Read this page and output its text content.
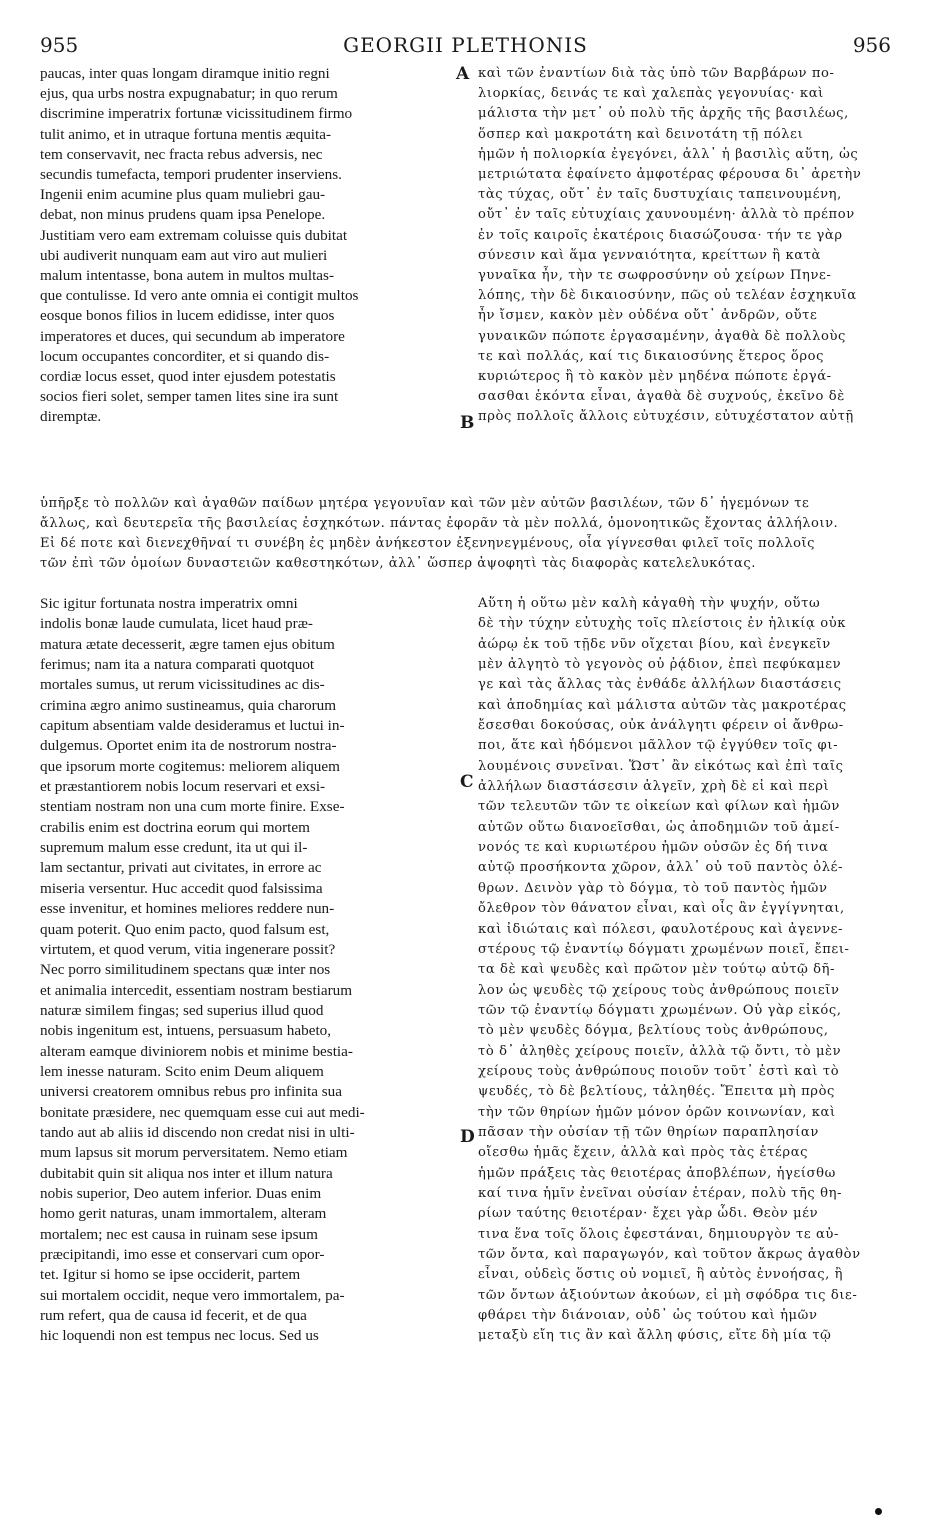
955	GEORGII PLETHONIS	956
paucas, inter quas longam diramque initio regni
ejus, qua urbs nostra expugnabatur; in quo rerum
discrimine imperatrix fortunæ vicissitudinem firmo
tulit animo, et in utraque fortuna mentis æquita-
tem conservavit, nec fracta rebus adversis, nec
secundis tumefacta, tempori prudenter inserviens.
Ingenii enim acumine plus quam muliebri gau-
debat, non minus prudens quam ipsa Penelope.
Justitiam vero eam extremam coluisse quis dubitat
ubi audiverit nunquam eam aut viro aut mulieri
malum intentasse, bona autem in multos multas-
que contulisse. Id vero ante omnia ei contigit multos
eosque bonos filios in lucem edidisse, inter quos
imperatores et duces, qui secundum ab imperatore
locum occupantes concorditer, et si quando dis-
cordiæ locus esset, quod inter ejusdem potestatis
socios fieri solet, semper tamen lites sine ira sunt
diremptæ.
καὶ τῶν ἐναντίων διὰ τὰς ὑπὸ τῶν Βαρβάρων πο-
λιορκίας, δεινάς τε καὶ χαλεπὰς γεγονυίας· καὶ
μάλιστα τὴν μετ᾽ οὐ πολὺ τῆς ἀρχῆς τῆς βασιλέως,
ὅσπερ καὶ μακροτάτη καὶ δεινοτάτη τῇ πόλει
ἡμῶν ἡ πολιορκία ἐγεγόνει, ἀλλ᾽ ἡ βασιλὶς αὕτη, ὡς
μετριώτατα ἐφαίνετο ἀμφοτέρας φέρουσα δι᾽ ἀρετὴν
τὰς τύχας, οὔτ᾽ ἐν ταῖς δυστυχίαις ταπεινουμένη,
οὔτ᾽ ἐν ταῖς εὐτυχίαις χαυνουμένη· ἀλλὰ τὸ πρέπον
ἐν τοῖς καιροῖς ἑκατέροις διασώζουσα· τήν τε γὰρ
σύνεσιν καὶ ἅμα γενναιότητα, κρείττων ἢ κατὰ
γυναῖκα ἦν, τὴν τε σωφροσύνην οὐ χείρων Πηνε-
λόπης, τὴν δὲ δικαιοσύνην, πῶς οὐ τελέαν ἐσχηκυῖα
ἦν ἴσμεν, κακὸν μὲν οὐδένα οὔτ᾽ ἀνδρῶν, οὔτε
γυναικῶν πώποτε ἐργασαμένην, ἀγαθὰ δὲ πολλοὺς
τε καὶ πολλάς, καί τις δικαιοσύνης ἕτερος ὅρος
κυριώτερος ἢ τὸ κακὸν μὲν μηδένα πώποτε ἐργά-
σασθαι ἑκόντα εἶναι, ἀγαθὰ δὲ συχνούς, ἐκεῖνο δὲ
πρὸς πολλοῖς ἄλλοις εὐτυχέσιν, εὐτυχέστατον αὐτῇ
ὑπῆρξε τὸ πολλῶν καὶ ἀγαθῶν παίδων μητέρα γεγονυῖαν καὶ τῶν μὲν αὐτῶν βασιλέων, τῶν δ᾽ ἡγεμόνων τε
ἄλλως, καὶ δευτερεῖα τῆς βασιλείας ἐσχηκότων. πάντας ἐφορᾶν τὰ μὲν πολλά, ὁμονοητικῶς ἔχοντας ἀλλήλοιν.
Εἰ δέ ποτε καὶ διενεχθῆναί τι συνέβη ἐς μηδὲν ἀνήκεστον ἐξενηνεγμένους, οἷα γίγνεσθαι φιλεῖ τοῖς πολλοῖς
τῶν ἐπὶ τῶν ὁμοίων δυναστειῶν καθεστηκότων, ἀλλ᾽ ὥσπερ ἀψοφητὶ τὰς διαφορὰς κατελελυκότας.
Sic igitur fortunata nostra imperatrix omni
indolis bonæ laude cumulata, licet haud præ-
matura ætate decesserit, ægre tamen ejus obitum
ferimus; nam ita a natura comparati quotquot
mortales sumus, ut rerum vicissitudines ac dis-
crimina ægro animo sustineamus, quia charorum
capitum absentiam valde desideramus et luctui in-
dulgemus. Oportet enim ita de nostrorum nostra-
que ipsorum morte cogitemus: meliorem aliquem
et præstantiorem nobis locum reservari et exsi-
stentiam nostram non una cum morte finire. Exse-
crabilis enim est doctrina eorum qui mortem
supremum malum esse credunt, ita ut qui il-
lam sectantur, privati aut civitates, in errore ac
miseria versentur. Huc accedit quod falsissima
esse invenitur, et homines meliores reddere nun-
quam poterit. Quo enim pacto, quod falsum est,
virtutem, et quod verum, vitia ingenerare possit?
Nec porro similitudinem spectans quæ inter nos
et animalia intercedit, essentiam nostram bestiarum
naturæ similem fingas; sed superius illud quod
nobis ingenitum est, intuens, persuasum habeto,
alteram eamque diviniorem nobis et minime bestia-
lem inesse naturam. Scito enim Deum aliquem
universi creatorem omnibus rebus pro infinita sua
bonitate præsidere, nec quemquam esse cui aut medi-
tando aut ab aliis id discendo non credat nisi in ulti-
mum lapsus sit morum perversitatem. Nemo etiam
dubitabit quin sit aliqua nos inter et illum natura
nobis superior, Deo autem inferior. Duas enim
homo gerit naturas, unam immortalem, alteram
mortalem; nec est causa in ruinam sese ipsum
præcipitandi, imo esse et conservari cum opor-
tet. Igitur si homo se ipse occiderit, partem
sui mortalem occidit, neque vero immortalem, pa-
rum refert, qua de causa id fecerit, et de qua
hic loquendi non est tempus nec locus. Sed us
Αὕτη ἡ οὕτω μὲν καλὴ κἀγαθὴ τὴν ψυχήν, οὕτω
δὲ τὴν τύχην εὐτυχὴς τοῖς πλείστοις ἐν ἡλικίᾳ οὐκ
ἀώρῳ ἐκ τοῦ τῇδε νῦν οἴχεται βίου, καὶ ἐνεγκεῖν
μὲν ἀλγητὸ τὸ γεγονὸς οὐ ῥᾴδιον, ἐπεὶ πεφύκαμεν
γε καὶ τὰς ἄλλας τὰς ἐνθάδε ἀλλήλων διαστάσεις
καὶ ἀποδημίας καὶ μάλιστα αὐτῶν τὰς μακροτέρας
ἔσεσθαι δοκούσας, οὐκ ἀνάλγητι φέρειν οἱ ἄνθρω-
ποι, ἅτε καὶ ἡδόμενοι μᾶλλον τῷ ἐγγύθεν τοῖς φι-
λουμένοις συνεῖναι. Ὥστ᾽ ἂν εἰκότως καὶ ἐπὶ ταῖς
ἀλλήλων διαστάσεσιν ἀλγεῖν, χρὴ δὲ εἰ καὶ περὶ
τῶν τελευτῶν τῶν τε οἰκείων καὶ φίλων καὶ ἡμῶν
αὐτῶν οὕτω διανοεῖσθαι, ὡς ἀποδημιῶν τοῦ ἀμεί-
νονός τε καὶ κυριωτέρου ἡμῶν οὐσῶν ἐς δή τινα
αὐτῷ προσήκοντα χῶρον, ἀλλ᾽ οὐ τοῦ παντὸς ὀλέ-
θρων. Δεινὸν γὰρ τὸ δόγμα, τὸ τοῦ παντὸς ἡμῶν
ὄλεθρον τὸν θάνατον εἶναι, καὶ οἷς ἂν ἐγγίγνηται,
καὶ ἰδιώταις καὶ πόλεσι, φαυλοτέρους καὶ ἀγεννε-
στέρους τῷ ἐναντίῳ δόγματι χρωμένων ποιεῖ, ἔπει-
τα δὲ καὶ ψευδὲς καὶ πρῶτον μὲν τούτῳ αὐτῷ δῆ-
λον ὡς ψευδὲς τῷ χείρους τοὺς ἀνθρώπους ποιεῖν
τῶν τῷ ἐναντίῳ δόγματι χρωμένων. Οὐ γὰρ εἰκός,
τὸ μὲν ψευδὲς δόγμα, βελτίους τοὺς ἀνθρώπους,
τὸ δ᾽ ἀληθὲς χείρους ποιεῖν, ἀλλὰ τῷ ὄντι, τὸ μὲν
χείρους τοὺς ἀνθρώπους ποιοῦν τοῦτ᾽ ἐστὶ καὶ τὸ
ψευδές, τὸ δὲ βελτίους, τἀληθές. Ἔπειτα μὴ πρὸς
τὴν τῶν θηρίων ἡμῶν μόνον ὁρῶν κοινωνίαν, καὶ
πᾶσαν τὴν οὐσίαν τῇ τῶν θηρίων παραπλησίαν
οἴεσθω ἡμᾶς ἔχειν, ἀλλὰ καὶ πρὸς τὰς ἑτέρας
ἡμῶν πράξεις τὰς θειοτέρας ἀποβλέπων, ἡγείσθω
καί τινα ἡμῖν ἐνεῖναι οὐσίαν ἑτέραν, πολὺ τῆς θη-
ρίων ταύτης θειοτέραν· ἔχει γὰρ ὧδι. Θεὸν μέν
τινα ἕνα τοῖς ὅλοις ἐφεστάναι, δημιουργὸν τε αὐ-
τῶν ὄντα, καὶ παραγωγόν, καὶ τοῦτον ἄκρως ἀγαθὸν
εἶναι, οὐδεὶς ὅστις οὐ νομιεῖ, ἢ αὐτὸς ἐννοήσας, ἢ
τῶν ὄντων ἀξιούντων ἀκούων, εἰ μὴ σφόδρα τις διε-
φθάρει τὴν διάνοιαν, οὐδ᾽ ὡς τούτου καὶ ἡμῶν
μεταξὺ εἴη τις ἂν καὶ ἄλλη φύσις, εἴτε δὴ μία τῷ
A
B
C
D
